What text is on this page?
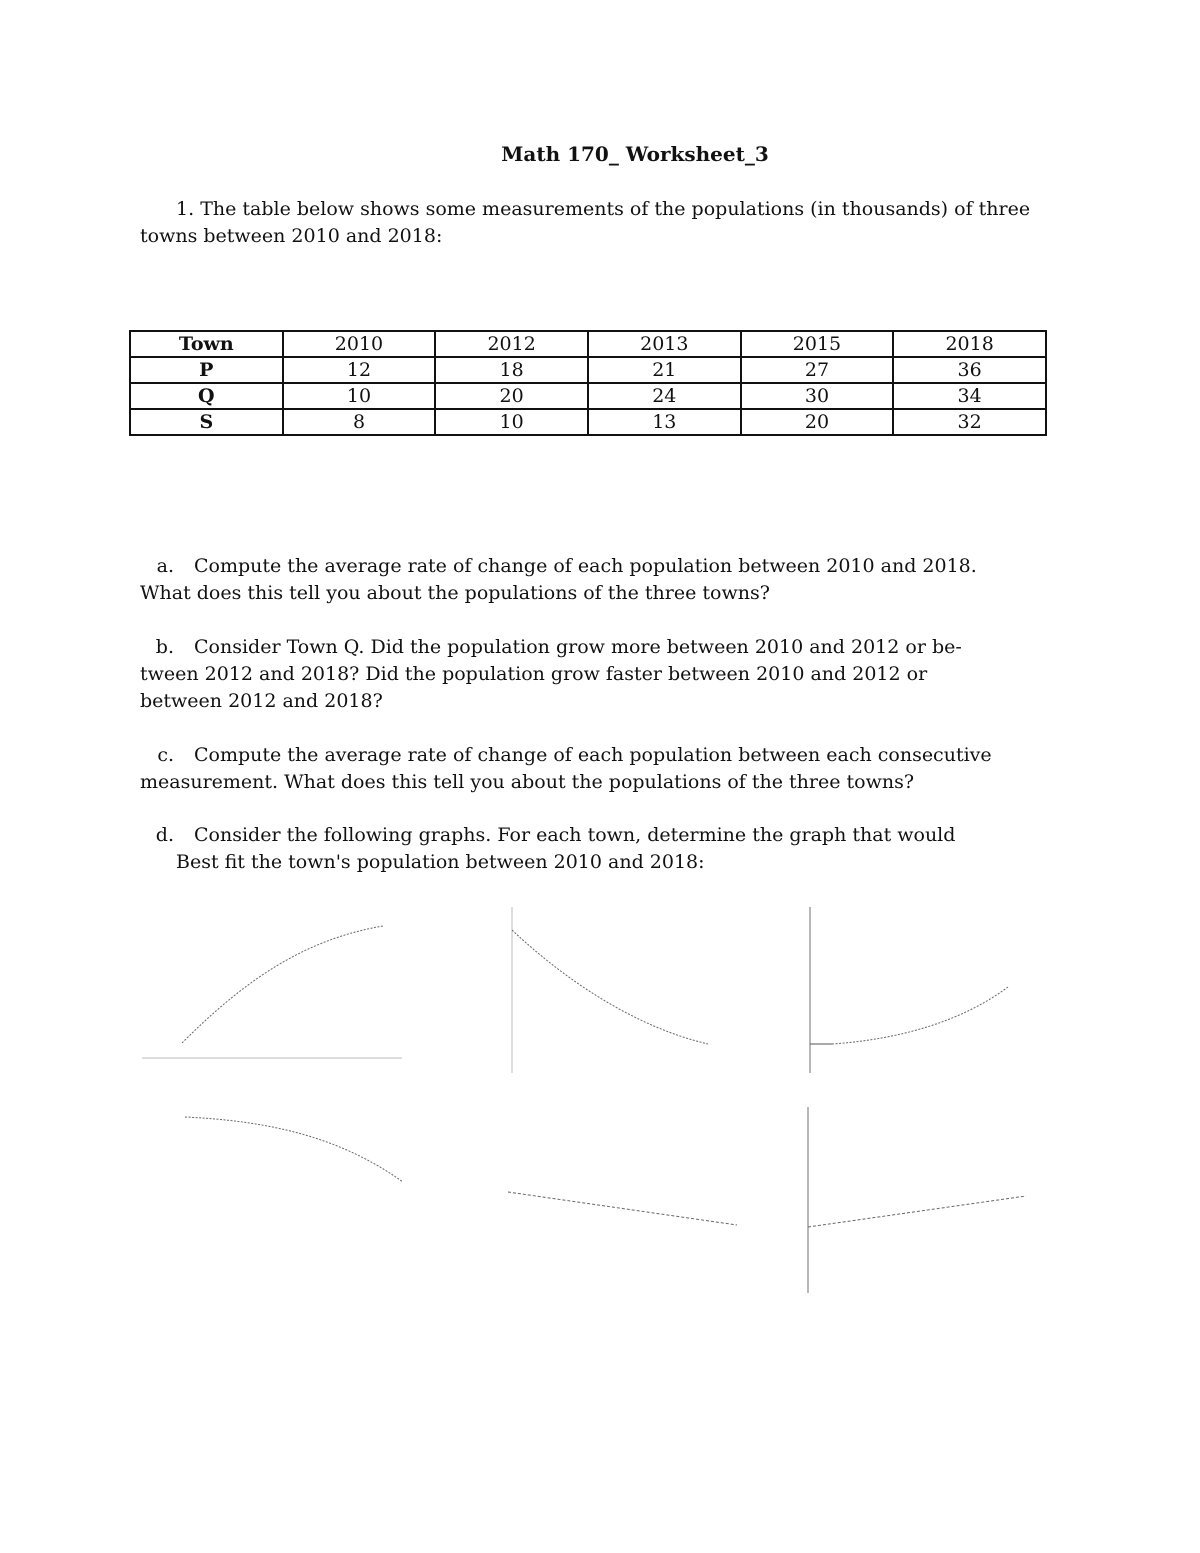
Math 170_ Worksheet_3
1. The table below shows some measurements of the populations (in thousands) of three
towns between 2010 and 2018:
Town	2010	2012	2013	2015	2018
P	12	18	21	27	36
Q	10	20	24	30	34
S	8	10	13	20	32
a. Compute the average rate of change of each population between 2010 and 2018.
What does this tell you about the populations of the three towns?
b. Consider Town Q. Did the population grow more between 2010 and 2012 or be-
tween 2012 and 2018? Did the population grow faster between 2010 and 2012 or
between 2012 and 2018?
c. Compute the average rate of change of each population between each consecutive
measurement. What does this tell you about the populations of the three towns?
d. Consider the following graphs. For each town, determine the graph that would
Best fit the town's population between 2010 and 2018:
